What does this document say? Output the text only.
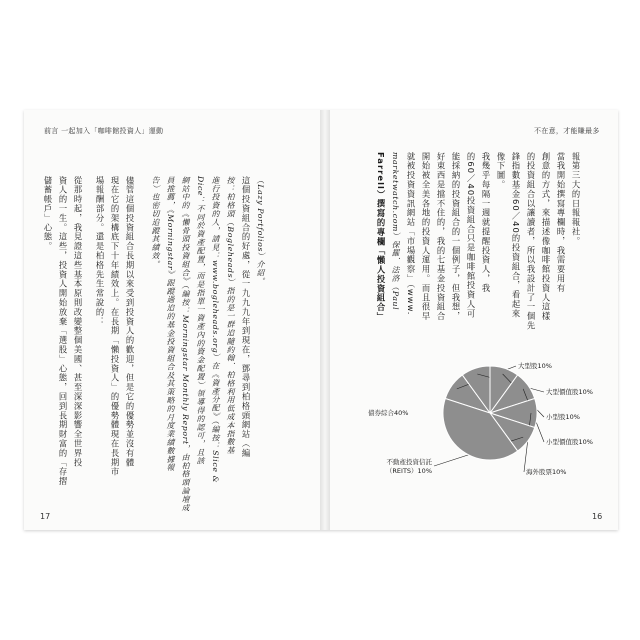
前言 一起加入「咖啡館投資人」運動	不在意，才能賺最多
17	16
（Lazy Portfolios）介紹。
這個投資組合的好處，從一九九九年到現在，鄧尋到柏格頭網站（編
按：柏格頭（Bogleheads）指的是一群追隨約翰．柏格利用低成本指數基
進行投資的人，請見：www.bogleheads.org）在《資產分配》（編按：Slice &
Dice：不同於資產配置，而是指單一資產內的資金配置）領導得的認可，且該
網站中的《懶骨頭投資組合》（編按：Morningstar Monthly Report，由柏格頭論壇成
員推薦，《Morningstar》跟蹤過追的基金投資組合及其策略的月度業績數據報
告）也密切追蹤其績效。
儘管這個投資組合長期以來受到投資人的歡迎，但是它的優勢並沒有體
現在它的架構底下十年績效上。在長期「懶投資人」的優勢體現在長期市
場報酬部分。還是柏格先生常說的：
從那時起，我見證這些基本原則改變整個美國、甚至深深影響全世界投
資人的一生。這些，投資人開始放棄「選股」心態，回到長期財富的「存摺
儲蓄帳戶」心態。	報第三大的日報報社。
當我開始撰寫專欄時，我需要用有
創意的方式，來描述像咖啡館投資人這樣
的投資組合以讓讀者，所以我設計了一個先
鋒指數基金60／40的投資組合，看起來
像下圖。
我幾乎每隔一週就提醒投資人，我
的60／40投資組合只是咖啡館投資人可
能採納的投資組合的一個例子，但我想，
好東西是擋不住的，我的七基金投資組合
開始被全美各地的投資人運用。而且很早
就被投資資訊網站「市場觀察」（www.
marketwatch.com）保羅．法洛（Paul
Farrell）撰寫的專欄「懶人投資組合」
大型股10%
大型價值股10%
小型股10%
小型價值股10%
海外股票10%
不動產投資信託（REITS）10%
債券綜合40%
